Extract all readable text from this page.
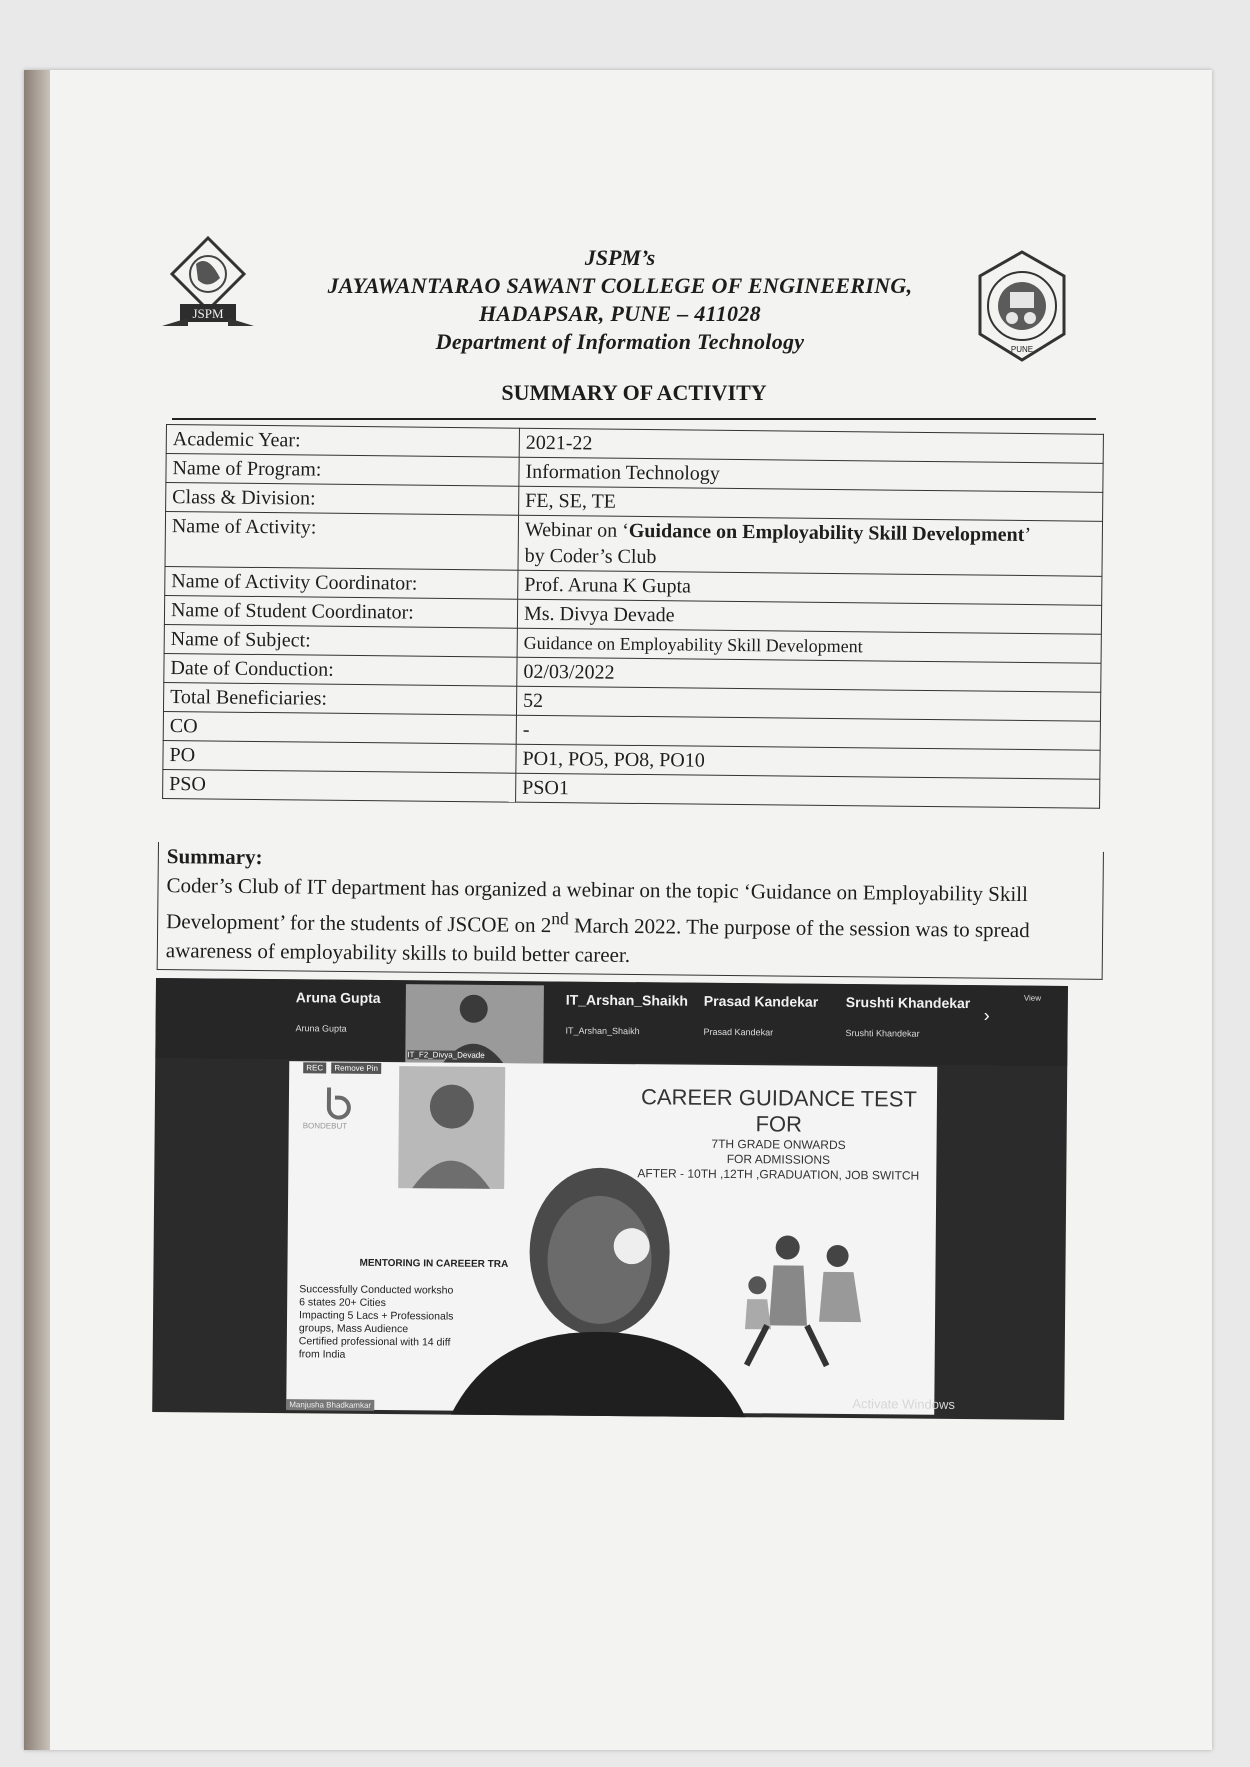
JSPM
JSPM’s
JAYAWANTARAO SAWANT COLLEGE OF ENGINEERING,
HADAPSAR, PUNE – 411028
Department of Information Technology	PUNE
SUMMARY OF ACTIVITY
Academic Year:	2021-22
Name of Program:	Information Technology
Class & Division:	FE, SE, TE
Name of Activity:	Webinar on ‘Guidance on Employability Skill Development’
by Coder’s Club
Name of Activity Coordinator:	Prof. Aruna K Gupta
Name of Student Coordinator:	Ms. Divya Devade
Name of Subject:	Guidance on Employability Skill Development
Date of Conduction:	02/03/2022
Total Beneficiaries:	52
CO	-
PO	PO1, PO5, PO8, PO10
PSO	PSO1
Summary:
Coder’s Club of IT department has organized a webinar on the topic ‘Guidance on Employability Skill Development’ for the students of JSCOE on 2nd March 2022. The purpose of the session was to spread awareness of employability skills to build better career.
Aruna Gupta
Aruna Gupta
IT_F2_Divya_Devade
IT_Arshan_Shaikh
IT_Arshan_Shaikh
Prasad Kandekar
Prasad Kandekar
Srushti Khandekar
Srushti Khandekar
›
View
REC Remove Pin
BONDEBUT
CAREER GUIDANCE TEST FOR
7TH GRADE ONWARDS
FOR ADMISSIONS
AFTER - 10TH ,12TH ,GRADUATION, JOB SWITCH
MENTORING IN CAREEER TRA
Successfully Conducted worksho
6 states 20+ Cities
Impacting 5 Lacs + Professionals
groups, Mass Audience
Certified professional with 14 diff
from India
Manjusha Bhadkamkar	Activate Windows
